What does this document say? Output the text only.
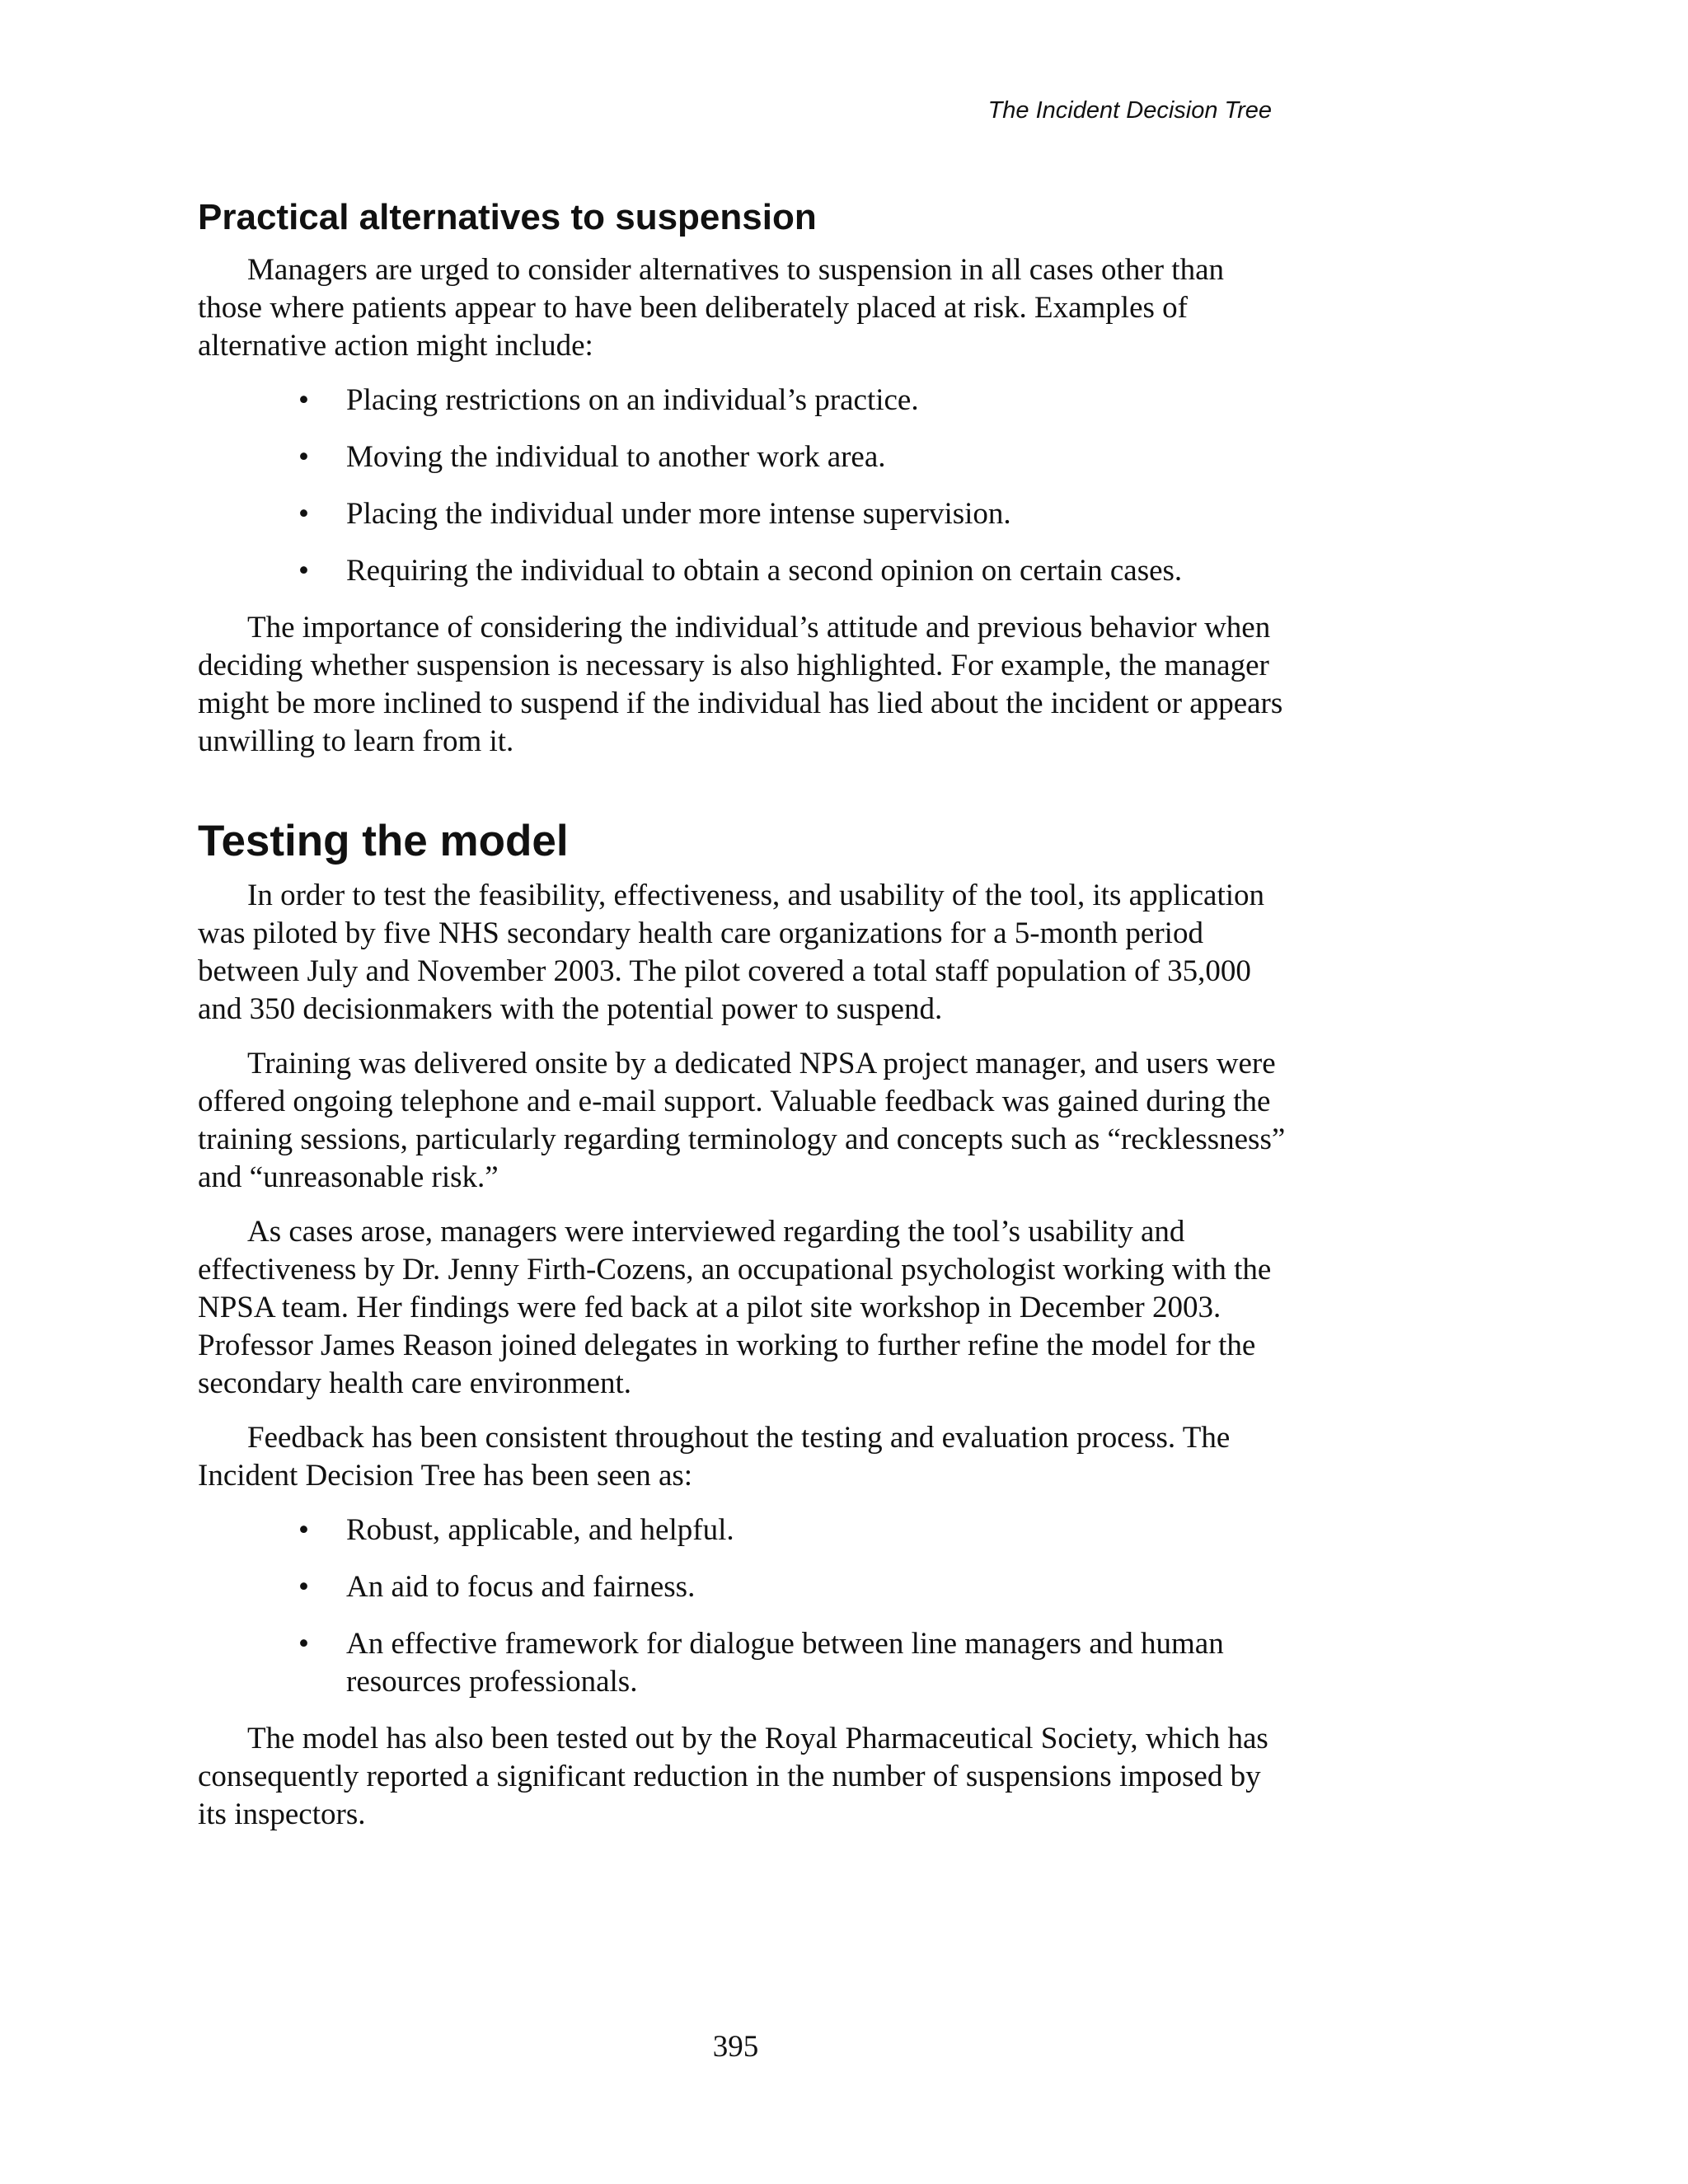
The Incident Decision Tree
Practical alternatives to suspension

Managers are urged to consider alternatives to suspension in all cases other than those where patients appear to have been deliberately placed at risk. Examples of alternative action might include:

• Placing restrictions on an individual’s practice.
• Moving the individual to another work area.
• Placing the individual under more intense supervision.
• Requiring the individual to obtain a second opinion on certain cases.

The importance of considering the individual’s attitude and previous behavior when deciding whether suspension is necessary is also highlighted. For example, the manager might be more inclined to suspend if the individual has lied about the incident or appears unwilling to learn from it.

Testing the model

In order to test the feasibility, effectiveness, and usability of the tool, its application was piloted by five NHS secondary health care organizations for a 5-month period between July and November 2003. The pilot covered a total staff population of 35,000 and 350 decisionmakers with the potential power to suspend.

Training was delivered onsite by a dedicated NPSA project manager, and users were offered ongoing telephone and e-mail support. Valuable feedback was gained during the training sessions, particularly regarding terminology and concepts such as “recklessness” and “unreasonable risk.”

As cases arose, managers were interviewed regarding the tool’s usability and effectiveness by Dr. Jenny Firth-Cozens, an occupational psychologist working with the NPSA team. Her findings were fed back at a pilot site workshop in December 2003. Professor James Reason joined delegates in working to further refine the model for the secondary health care environment.

Feedback has been consistent throughout the testing and evaluation process. The Incident Decision Tree has been seen as:

• Robust, applicable, and helpful.
• An aid to focus and fairness.
• An effective framework for dialogue between line managers and human resources professionals.

The model has also been tested out by the Royal Pharmaceutical Society, which has consequently reported a significant reduction in the number of suspensions imposed by its inspectors.

395
